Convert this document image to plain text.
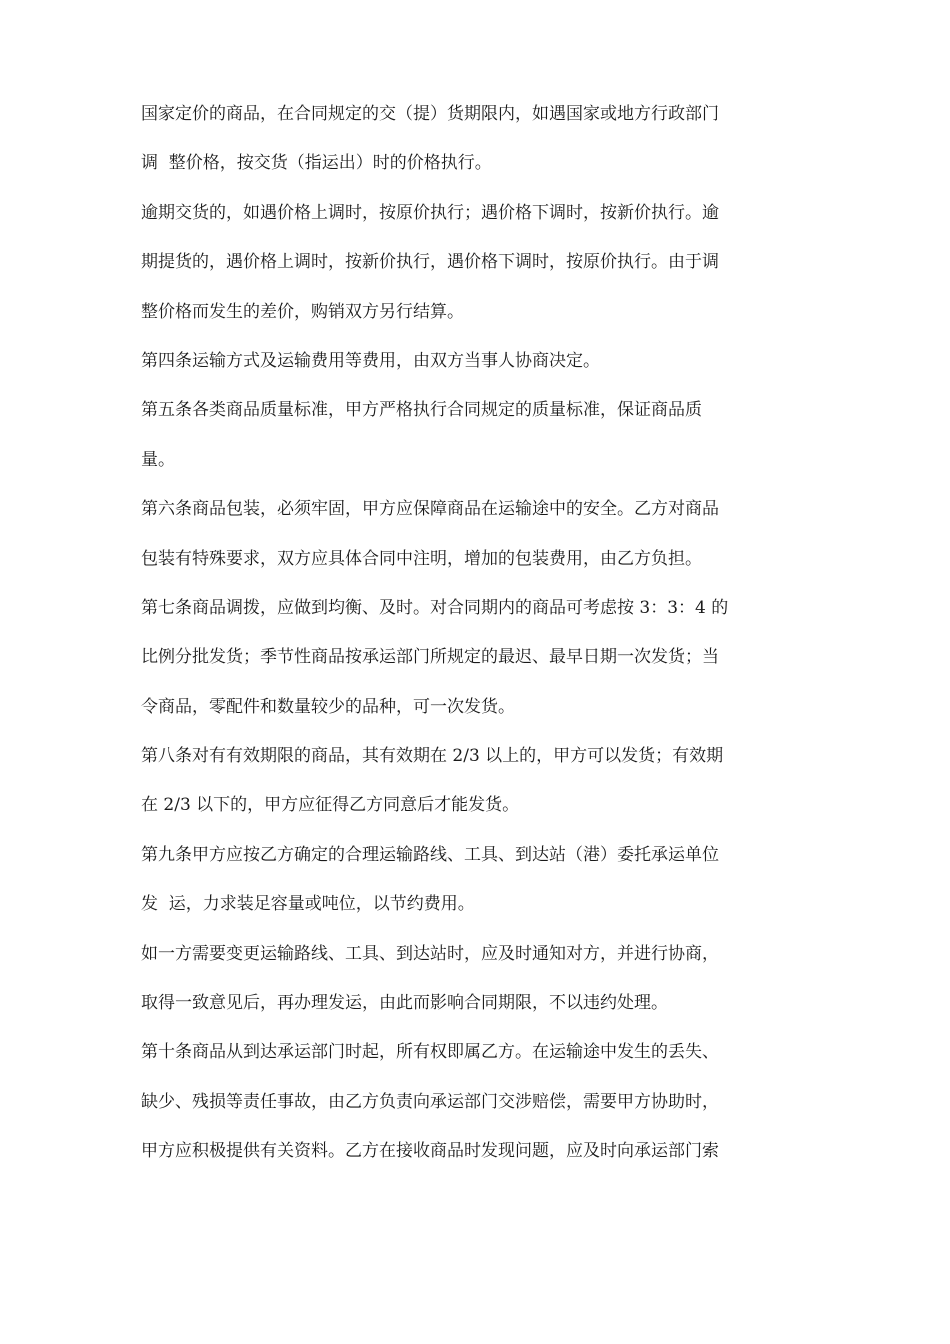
国家定价的商品，在合同规定的交（提）货期限内，如遇国家或地方行政部门
调  整价格，按交货（指运出）时的价格执行。
逾期交货的，如遇价格上调时，按原价执行；遇价格下调时，按新价执行。逾
期提货的，遇价格上调时，按新价执行，遇价格下调时，按原价执行。由于调
整价格而发生的差价，购销双方另行结算。
第四条运输方式及运输费用等费用，由双方当事人协商决定。
第五条各类商品质量标准，甲方严格执行合同规定的质量标准，保证商品质
量。
第六条商品包装，必须牢固，甲方应保障商品在运输途中的安全。乙方对商品
包装有特殊要求，双方应具体合同中注明，增加的包装费用，由乙方负担。
第七条商品调拨，应做到均衡、及时。对合同期内的商品可考虑按 3：3：4 的
比例分批发货；季节性商品按承运部门所规定的最迟、最早日期一次发货；当
令商品，零配件和数量较少的品种，可一次发货。
第八条对有有效期限的商品，其有效期在 2/3 以上的，甲方可以发货；有效期
在 2/3 以下的，甲方应征得乙方同意后才能发货。
第九条甲方应按乙方确定的合理运输路线、工具、到达站（港）委托承运单位
发  运，力求装足容量或吨位，以节约费用。
如一方需要变更运输路线、工具、到达站时，应及时通知对方，并进行协商，
取得一致意见后，再办理发运，由此而影响合同期限，不以违约处理。
第十条商品从到达承运部门时起，所有权即属乙方。在运输途中发生的丢失、
缺少、残损等责任事故，由乙方负责向承运部门交涉赔偿，需要甲方协助时，
甲方应积极提供有关资料。乙方在接收商品时发现问题，应及时向承运部门索
